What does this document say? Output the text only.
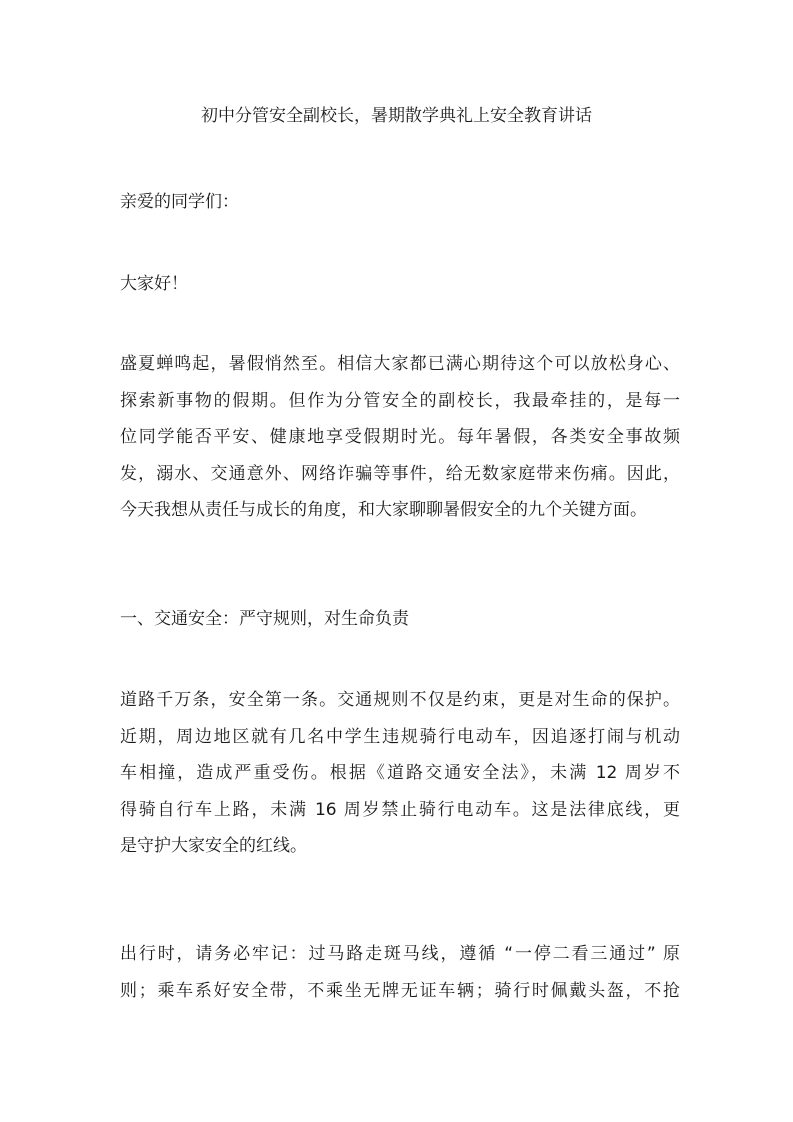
初中分管安全副校长，暑期散学典礼上安全教育讲话
亲爱的同学们：
大家好！
盛夏蝉鸣起，暑假悄然至。相信大家都已满心期待这个可以放松身心、
探索新事物的假期。但作为分管安全的副校长，我最牵挂的，是每一
位同学能否平安、健康地享受假期时光。每年暑假，各类安全事故频
发，溺水、交通意外、网络诈骗等事件，给无数家庭带来伤痛。因此，
今天我想从责任与成长的角度，和大家聊聊暑假安全的九个关键方面。
一、交通安全：严守规则，对生命负责
道路千万条，安全第一条。交通规则不仅是约束，更是对生命的保护。
近期，周边地区就有几名中学生违规骑行电动车，因追逐打闹与机动
车相撞，造成严重受伤。根据《道路交通安全法》，未满 12 周岁不
得骑自行车上路，未满 16 周岁禁止骑行电动车。这是法律底线，更
是守护大家安全的红线。
出行时，请务必牢记：过马路走斑马线，遵循 “一停二看三通过” 原
则；乘车系好安全带，不乘坐无牌无证车辆；骑行时佩戴头盔，不抢
